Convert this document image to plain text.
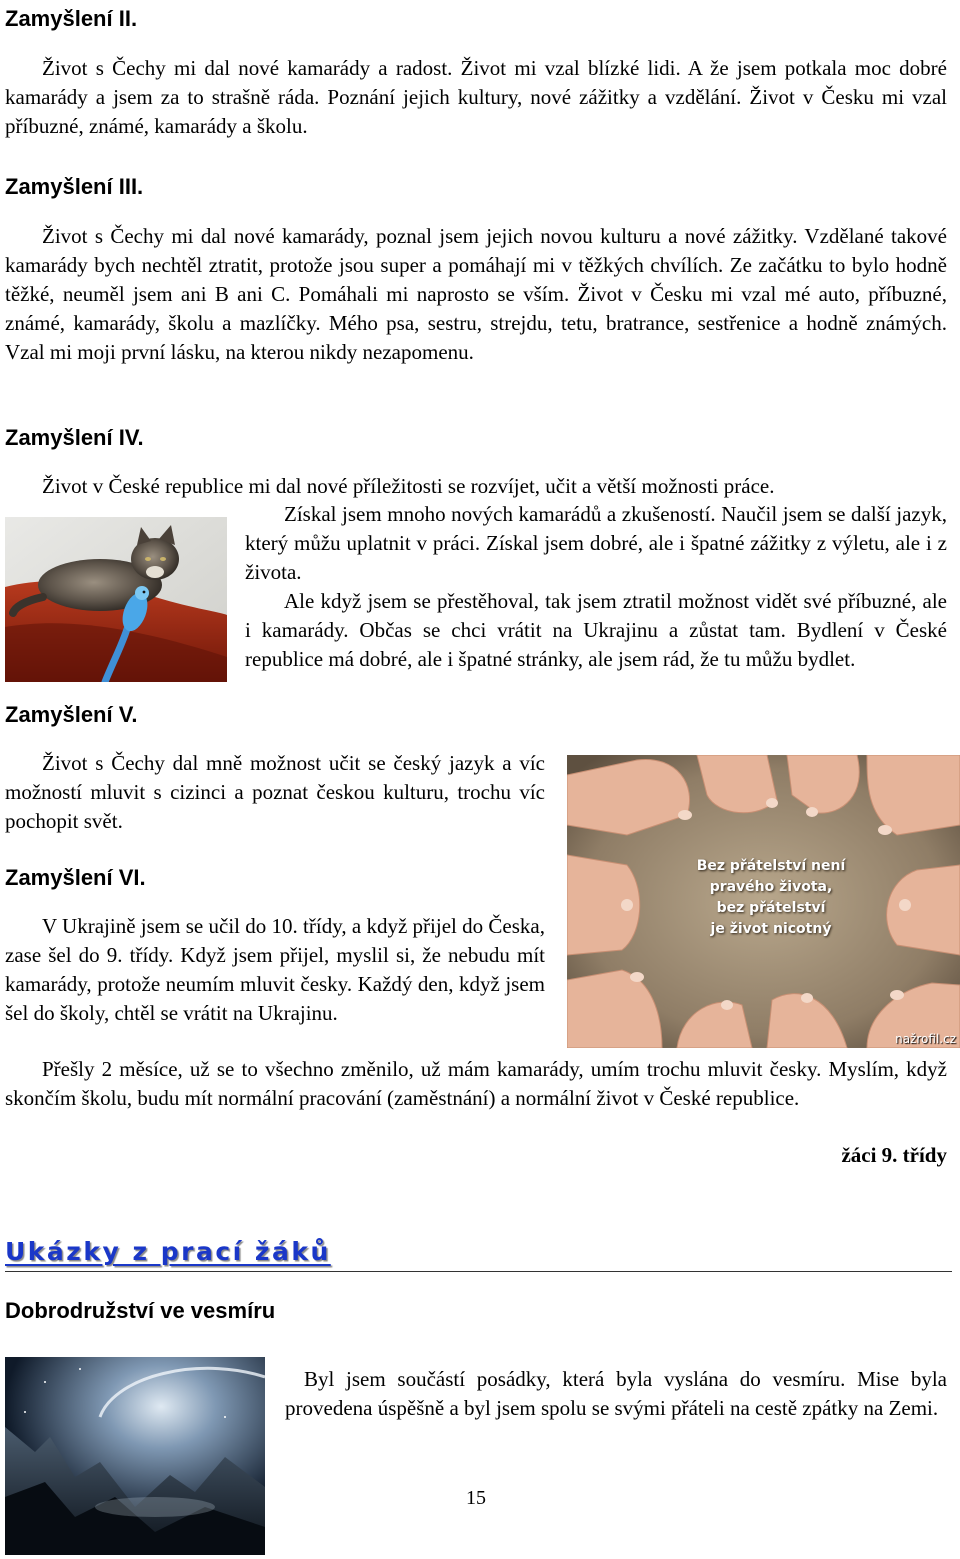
Zamyšlení II.

Život s Čechy mi dal nové kamarády a radost. Život mi vzal blízké lidi. A že jsem potkala moc dobré kamarády a jsem za to strašně ráda. Poznání jejich kultury, nové zážitky a vzdělání. Život v Česku mi vzal příbuzné, známé, kamarády a školu.

Zamyšlení III.

Život s Čechy mi dal nové kamarády, poznal jsem jejich novou kulturu a nové zážitky. Vzdělané takové kamarády bych nechtěl ztratit, protože jsou super a pomáhají mi v těžkých chvílích. Ze začátku to bylo hodně těžké, neuměl jsem ani B ani C. Pomáhali mi naprosto se vším. Život v Česku mi vzal mé auto, příbuzné, známé, kamarády, školu a mazlíčky. Mého psa, sestru, strejdu, tetu, bratrance, sestřenice a hodně známých. Vzal mi moji první lásku, na kterou nikdy nezapomenu.

Zamyšlení IV.

Život v České republice mi dal nové příležitosti se rozvíjet, učit a větší možnosti práce.

Získal jsem mnoho nových kamarádů a zkušeností. Naučil jsem se další jazyk, který můžu uplatnit v práci. Získal jsem dobré, ale i špatné zážitky z výletu, ale i z života.

Ale když jsem se přestěhoval, tak jsem ztratil možnost vidět své příbuzné, ale i kamarády. Občas se chci vrátit na Ukrajinu a zůstat tam. Bydlení v České republice má dobré, ale i špatné stránky, ale jsem rád, že tu můžu bydlet.

Zamyšlení V.

Život s Čechy dal mně možnost učit se český jazyk a víc možností mluvit s cizinci a poznat českou kulturu, trochu víc pochopit svět.

Bez přátelství není
pravého života,
bez přátelství
je život nicotný
nažrofil.cz
Zamyšlení VI.

V Ukrajině jsem se učil do 10. třídy, a když přijel do Česka, zase šel do 9. třídy. Když jsem přijel, myslil si, že nebudu mít kamarády, protože neumím mluvit česky. Každý den, když jsem šel do školy, chtěl se vrátit na Ukrajinu.

Přešly 2 měsíce, už se to všechno změnilo, už mám kamarády, umím trochu mluvit česky. Myslím, když skončím školu, budu mít normální pracování (zaměstnání) a normální život v České republice.

žáci 9. třídy
Ukázky z prací žáků
Dobrodružství ve vesmíru

Byl jsem součástí posádky, která byla vyslána do vesmíru. Mise byla provedena úspěšně a byl jsem spolu se svými přáteli na cestě zpátky na Zemi.

15
